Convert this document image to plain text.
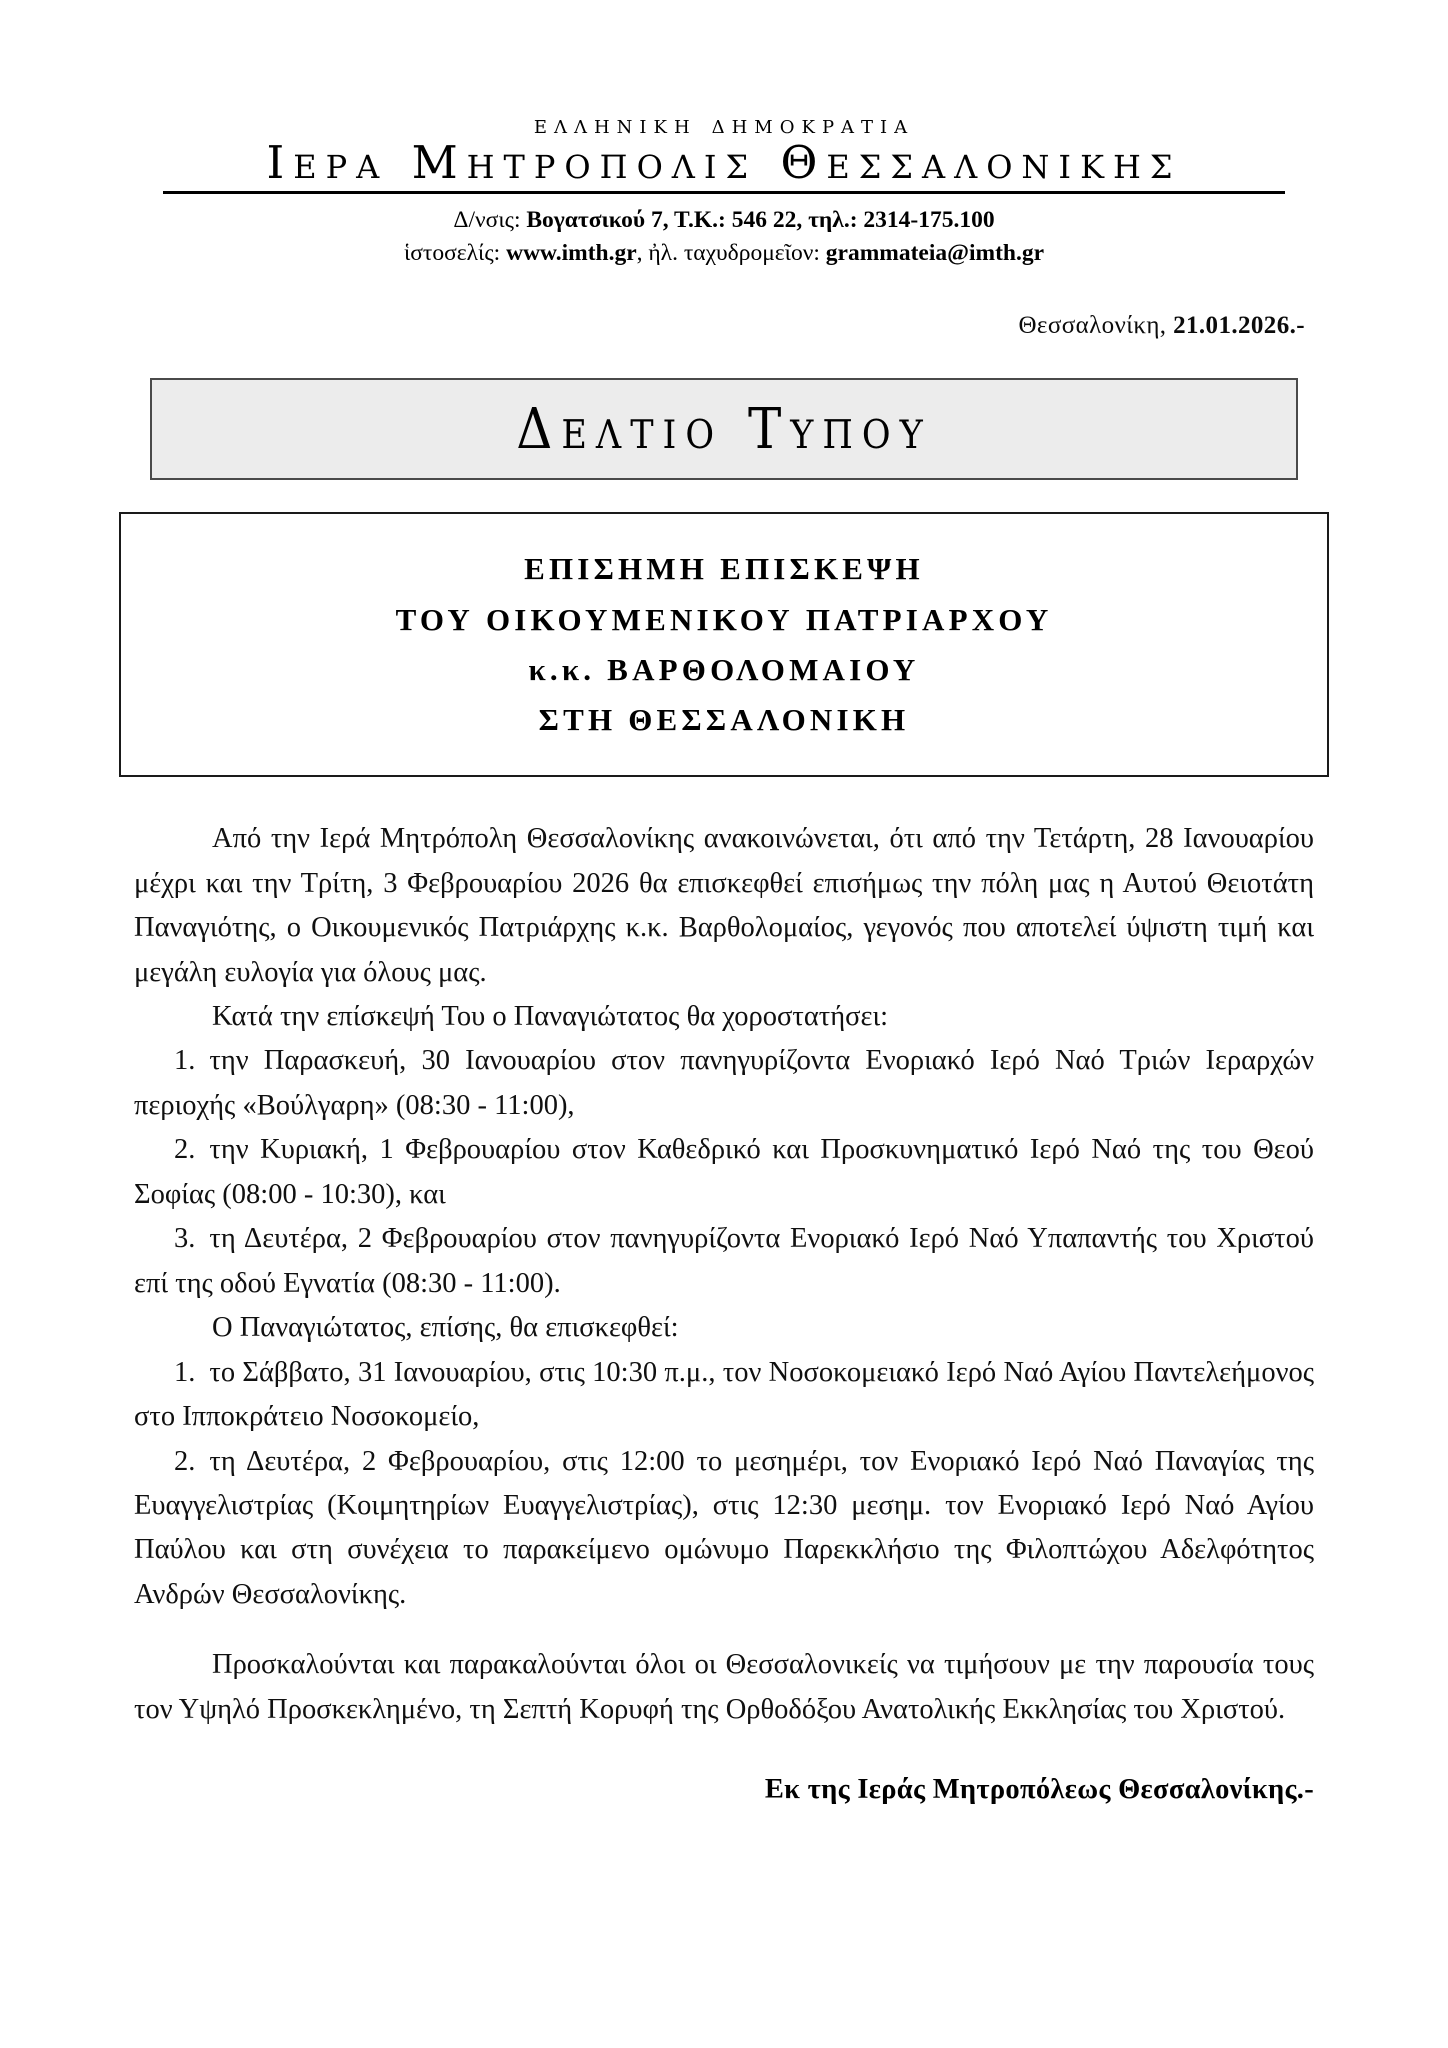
ελληνικη δημοκρατια
Ιερα Μητροπολις Θεσσαλονικης
Δ/νσις: Βογατσικού 7, Τ.Κ.: 546 22, τηλ.: 2314-175.100
ἱστοσελίς: www.imth.gr, ἠλ. ταχυδρομεῖον: grammateia@imth.gr
Θεσσαλονίκη, 21.01.2026.-
Δελτιο Τυπου
ΕΠΙΣΗΜΗ ΕΠΙΣΚΕΨΗ
ΤΟΥ ΟΙΚΟΥΜΕΝΙΚΟΥ ΠΑΤΡΙΑΡΧΟΥ
κ.κ. ΒΑΡΘΟΛΟΜΑΙΟΥ
ΣΤΗ ΘΕΣΣΑΛΟΝΙΚΗ

Από την Ιερά Μητρόπολη Θεσσαλονίκης ανακοινώνεται, ότι από την Τετάρτη, 28 Ιανουαρίου μέχρι και την Τρίτη, 3 Φεβρουαρίου 2026 θα επισκεφθεί επισήμως την πόλη μας η Αυτού Θειοτάτη Παναγιότης, ο Οικουμενικός Πατριάρχης κ.κ. Βαρθολομαίος, γεγονός που αποτελεί ύψιστη τιμή και μεγάλη ευλογία για όλους μας.

Κατά την επίσκεψή Του ο Παναγιώτατος θα χοροστατήσει:

1. την Παρασκευή, 30 Ιανουαρίου στον πανηγυρίζοντα Ενοριακό Ιερό Ναό Τριών Ιεραρχών περιοχής «Βούλγαρη» (08:30 - 11:00),

2. την Κυριακή, 1 Φεβρουαρίου στον Καθεδρικό και Προσκυνηματικό Ιερό Ναό της του Θεού Σοφίας (08:00 - 10:30), και

3. τη Δευτέρα, 2 Φεβρουαρίου στον πανηγυρίζοντα Ενοριακό Ιερό Ναό Υπαπαντής του Χριστού επί της οδού Εγνατία (08:30 - 11:00).

Ο Παναγιώτατος, επίσης, θα επισκεφθεί:

1. το Σάββατο, 31 Ιανουαρίου, στις 10:30 π.μ., τον Νοσοκομειακό Ιερό Ναό Αγίου Παντελεήμονος στο Ιπποκράτειο Νοσοκομείο,

2. τη Δευτέρα, 2 Φεβρουαρίου, στις 12:00 το μεσημέρι, τον Ενοριακό Ιερό Ναό Παναγίας της Ευαγγελιστρίας (Κοιμητηρίων Ευαγγελιστρίας), στις 12:30 μεσημ. τον Ενοριακό Ιερό Ναό Αγίου Παύλου και στη συνέχεια το παρακείμενο ομώνυμο Παρεκκλήσιο της Φιλοπτώχου Αδελφότητος Ανδρών Θεσσαλονίκης.

Προσκαλούνται και παρακαλούνται όλοι οι Θεσσαλονικείς να τιμήσουν με την παρουσία τους τον Υψηλό Προσκεκλημένο, τη Σεπτή Κορυφή της Ορθοδόξου Ανατολικής Εκκλησίας του Χριστού.

Εκ της Ιεράς Μητροπόλεως Θεσσαλονίκης.-
